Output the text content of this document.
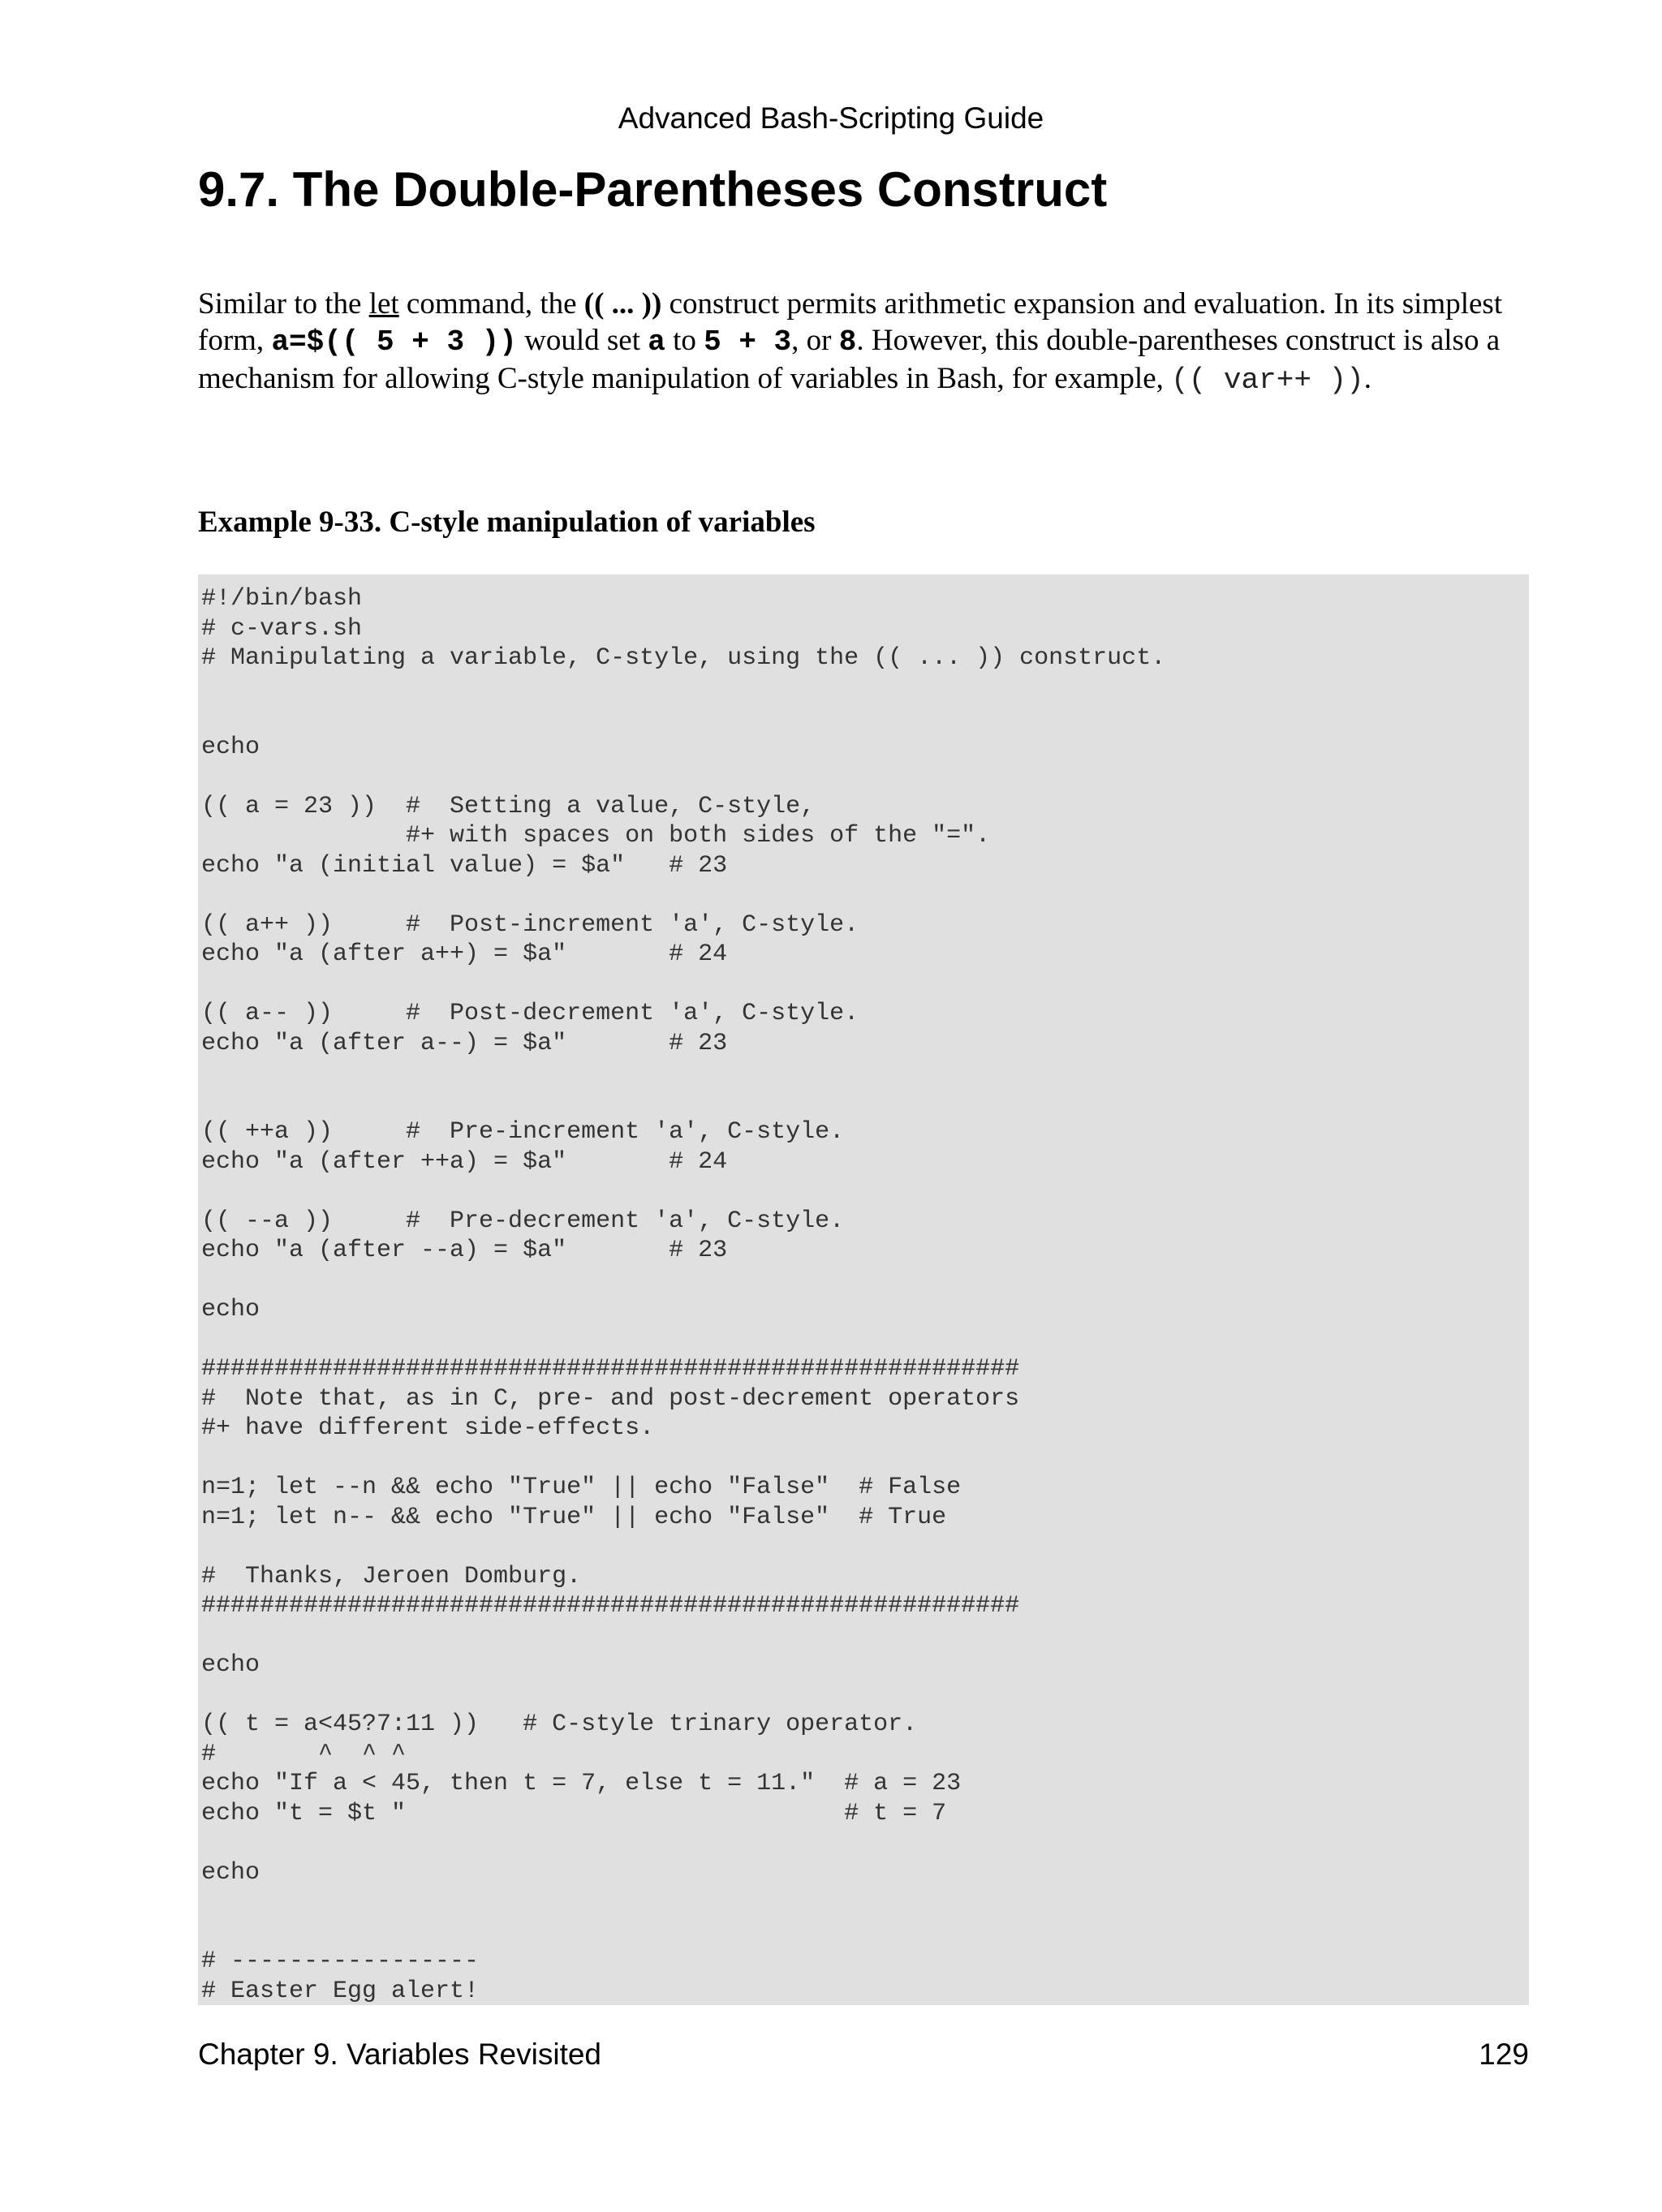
Advanced Bash-Scripting Guide
9.7. The Double-Parentheses Construct

Similar to the let command, the (( ... )) construct permits arithmetic expansion and evaluation. In its simplest form, a=$(( 5 + 3 )) would set a to 5 + 3, or 8. However, this double-parentheses construct is also a mechanism for allowing C-style manipulation of variables in Bash, for example, (( var++ )).

Example 9-33. C-style manipulation of variables
#!/bin/bash
# c-vars.sh
# Manipulating a variable, C-style, using the (( ... )) construct.
echo
(( a = 23 ))  #  Setting a value, C-style,
#+ with spaces on both sides of the "=".
echo "a (initial value) = $a"   # 23
(( a++ ))     #  Post-increment 'a', C-style.
echo "a (after a++) = $a"       # 24
(( a-- ))     #  Post-decrement 'a', C-style.
echo "a (after a--) = $a"       # 23
(( ++a ))     #  Pre-increment 'a', C-style.
echo "a (after ++a) = $a"       # 24
(( --a ))     #  Pre-decrement 'a', C-style.
echo "a (after --a) = $a"       # 23
echo
########################################################
#  Note that, as in C, pre- and post-decrement operators
#+ have different side-effects.
n=1; let --n && echo "True" || echo "False"  # False
n=1; let n-- && echo "True" || echo "False"  # True
#  Thanks, Jeroen Domburg.
########################################################
echo
(( t = a<45?7:11 ))   # C-style trinary operator.
#       ^  ^ ^
echo "If a < 45, then t = 7, else t = 11."  # a = 23
echo "t = $t "                              # t = 7
echo
# -----------------
# Easter Egg alert!
Chapter 9. Variables Revisited	129
